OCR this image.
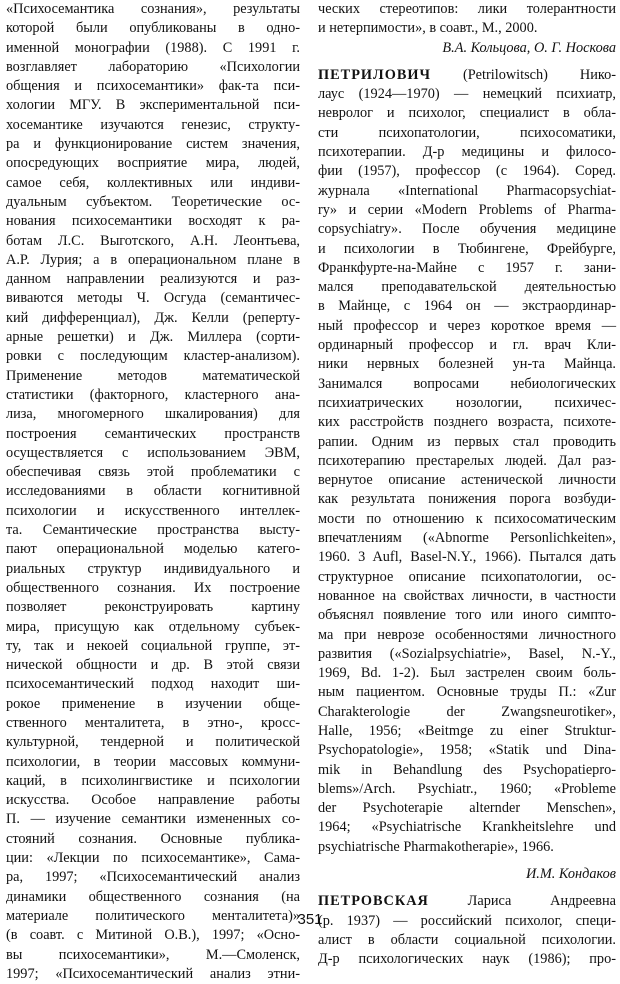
«Психосемантика сознания», результаты
которой были опубликованы в одно-
именной монографии (1988). С 1991 г.
возглавляет лабораторию «Психологии
общения и психосемантики» фак-та пси-
хологии МГУ. В экспериментальной пси-
хосемантике изучаются генезис, структу-
ра и функционирование систем значения,
опосредующих восприятие мира, людей,
самое себя, коллективных или индиви-
дуальным субъектом. Теоретические ос-
нования психосемантики восходят к ра-
ботам Л.С. Выготского, А.Н. Леонтьева,
А.Р. Лурия; а в операциональном плане в
данном направлении реализуются и раз-
виваются методы Ч. Осгуда (семантичес-
кий дифференциал), Дж. Келли (реперту-
арные решетки) и Дж. Миллера (сорти-
ровки с последующим кластер-анализом).
Применение методов математической
статистики (факторного, кластерного ана-
лиза, многомерного шкалирования) для
построения семантических пространств
осуществляется с использованием ЭВМ,
обеспечивая связь этой проблематики с
исследованиями в области когнитивной
психологии и искусственного интеллек-
та. Семантические пространства высту-
пают операциональной моделью катего-
риальных структур индивидуального и
общественного сознания. Их построение
позволяет реконструировать картину
мира, присущую как отдельному субъек-
ту, так и некоей социальной группе, эт-
нической общности и др. В этой связи
психосемантический подход находит ши-
рокое применение в изучении обще-
ственного менталитета, в этно-, кросс-
культурной, тендерной и политической
психологии, в теории массовых коммуни-
каций, в психолингвистике и психологии
искусства. Особое направление работы
П. — изучение семантики измененных со-
стояний сознания. Основные публика-
ции: «Лекции по психосемантике», Сама-
ра, 1997; «Психосемантический анализ
динамики общественного сознания (на
материале политического менталитета)»
(в соавт. с Митиной О.В.), 1997; «Осно-
вы психосемантики», М.—Смоленск,
1997; «Психосемантический анализ этни-
ческих стереотипов: лики толерантности
и нетерпимости», в соавт., М., 2000.
В.А. Кольцова, О. Г. Носкова
ПЕТРИЛОВИЧ (Petrilowitsch) Нико-
лаус (1924—1970) — немецкий психиатр,
невролог и психолог, специалист в обла-
сти психопатологии, психосоматики,
психотерапии. Д-р медицины и филосо-
фии (1957), профессор (с 1964). Соред.
журнала «International Pharmacopsychiat-
ry» и серии «Modern Problems of Pharma-
copsychiatry». После обучения медицине
и психологии в Тюбингене, Фрейбурге,
Франкфурте-на-Майне с 1957 г. зани-
мался преподавательской деятельностью
в Майнце, с 1964 он — экстраординар-
ный профессор и через короткое время —
ординарный профессор и гл. врач Кли-
ники нервных болезней ун-та Майнца.
Занимался вопросами небиологических
психиатрических нозологии, психичес-
ких расстройств позднего возраста, психоте-
рапии. Одним из первых стал проводить
психотерапию престарелых людей. Дал раз-
вернутое описание астенической личности
как результата понижения порога возбуди-
мости по отношению к психосоматическим
впечатлениям («Abnorme Personlichkeiten»,
1960. 3 Aufl, Basel-N.Y., 1966). Пытался дать
структурное описание психопатологии, ос-
нованное на свойствах личности, в частности
объяснял появление того или иного симпто-
ма при неврозе особенностями личностного
развития («Sozialpsychiatrie», Basel, N.-Y.,
1969, Bd. 1-2). Был застрелен своим боль-
ным пациентом. Основные труды П.: «Zur
Charakterologie der Zwangsneurotiker»,
Halle, 1956; «Beitmge zu einer Struktur-
Psychopatologie», 1958; «Statik und Dina-
mik in Behandlung des Psychopatiepro-
blems»/Arch. Psychiatr., 1960; «Probleme
der Psychoterapie alternder Menschen»,
1964; «Psychiatrische Krankheitslehre und
psychiatrische Pharmakotherapie», 1966.
И.М. Кондаков
ПЕТРОВСКАЯ	Лариса Андреевна
(р. 1937) — российский психолог, специ-
алист в области социальной психологии.
Д-р психологических наук (1986); про-
351
